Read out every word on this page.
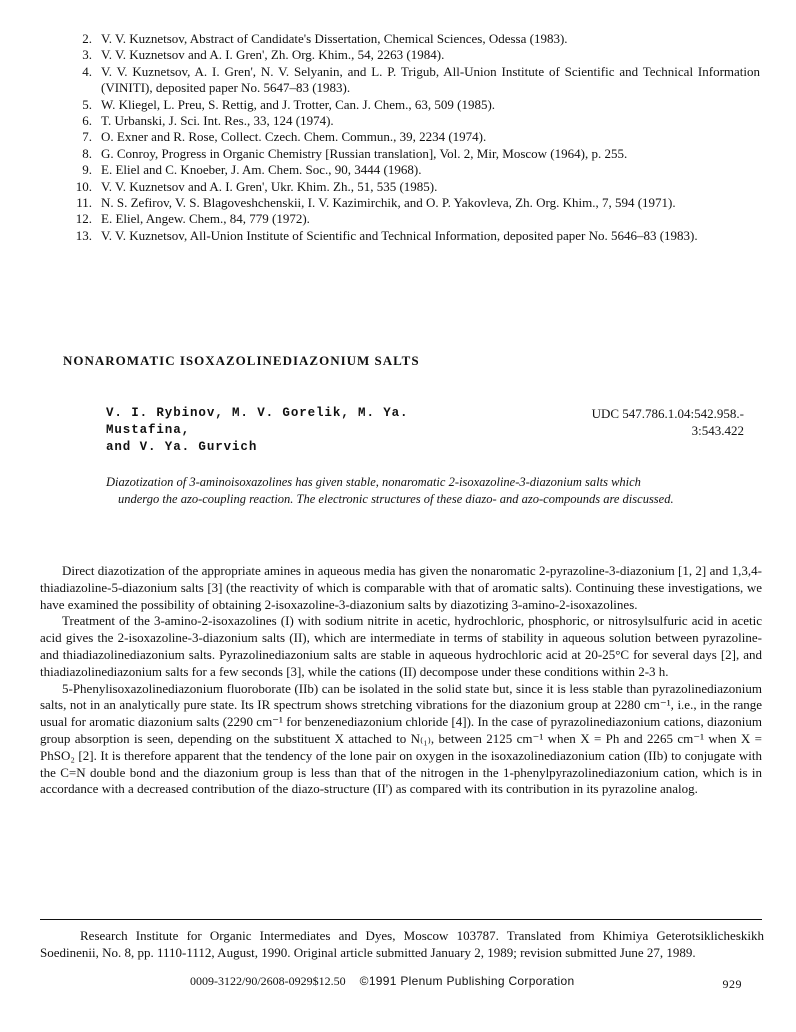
2. V. V. Kuznetsov, Abstract of Candidate's Dissertation, Chemical Sciences, Odessa (1983).
3. V. V. Kuznetsov and A. I. Gren', Zh. Org. Khim., 54, 2263 (1984).
4. V. V. Kuznetsov, A. I. Gren', N. V. Selyanin, and L. P. Trigub, All-Union Institute of Scientific and Technical Information (VINITI), deposited paper No. 5647–83 (1983).
5. W. Kliegel, L. Preu, S. Rettig, and J. Trotter, Can. J. Chem., 63, 509 (1985).
6. T. Urbanski, J. Sci. Int. Res., 33, 124 (1974).
7. O. Exner and R. Rose, Collect. Czech. Chem. Commun., 39, 2234 (1974).
8. G. Conroy, Progress in Organic Chemistry [Russian translation], Vol. 2, Mir, Moscow (1964), p. 255.
9. E. Eliel and C. Knoeber, J. Am. Chem. Soc., 90, 3444 (1968).
10. V. V. Kuznetsov and A. I. Gren', Ukr. Khim. Zh., 51, 535 (1985).
11. N. S. Zefirov, V. S. Blagoveshchenskii, I. V. Kazimirchik, and O. P. Yakovleva, Zh. Org. Khim., 7, 594 (1971).
12. E. Eliel, Angew. Chem., 84, 779 (1972).
13. V. V. Kuznetsov, All-Union Institute of Scientific and Technical Information, deposited paper No. 5646–83 (1983).
NONAROMATIC ISOXAZOLINEDIAZONIUM SALTS
V. I. Rybinov, M. V. Gorelik, M. Ya. Mustafina,
and V. Ya. Gurvich
UDC 547.786.1.04:542.958.-
3:543.422

Diazotization of 3-aminoisoxazolines has given stable, nonaromatic 2-isoxazoline-3-diazonium salts which

undergo the azo-coupling reaction. The electronic structures of these diazo- and azo-compounds are discussed.

Direct diazotization of the appropriate amines in aqueous media has given the nonaromatic 2-pyrazoline-3-diazonium [1, 2] and 1,3,4-thiadiazoline-5-diazonium salts [3] (the reactivity of which is comparable with that of aromatic salts). Continuing these investigations, we have examined the possibility of obtaining 2-isoxazoline-3-diazonium salts by diazotizing 3-amino-2-isoxazolines.

Treatment of the 3-amino-2-isoxazolines (I) with sodium nitrite in acetic, hydrochloric, phosphoric, or nitrosylsulfuric acid in acetic acid gives the 2-isoxazoline-3-diazonium salts (II), which are intermediate in terms of stability in aqueous solution between pyrazoline- and thiadiazolinediazonium salts. Pyrazolinediazonium salts are stable in aqueous hydrochloric acid at 20-25°C for several days [2], and thiadiazolinediazonium salts for a few seconds [3], while the cations (II) decompose under these conditions within 2-3 h.

5-Phenylisoxazolinediazonium fluoroborate (IIb) can be isolated in the solid state but, since it is less stable than pyrazolinediazonium salts, not in an analytically pure state. Its IR spectrum shows stretching vibrations for the diazonium group at 2280 cm⁻¹, i.e., in the range usual for aromatic diazonium salts (2290 cm⁻¹ for benzenediazonium chloride [4]). In the case of pyrazolinediazonium cations, diazonium group absorption is seen, depending on the substituent X attached to N₍₁₎, between 2125 cm⁻¹ when X = Ph and 2265 cm⁻¹ when X = PhSO₂ [2]. It is therefore apparent that the tendency of the lone pair on oxygen in the isoxazolinediazonium cation (IIb) to conjugate with the C=N double bond and the diazonium group is less than that of the nitrogen in the 1-phenylpyrazolinediazonium cation, which is in accordance with a decreased contribution of the diazo-structure (II') as compared with its contribution in its pyrazoline analog.

Research Institute for Organic Intermediates and Dyes, Moscow 103787. Translated from Khimiya Geterotsiklicheskikh Soedinenii, No. 8, pp. 1110-1112, August, 1990. Original article submitted January 2, 1989; revision submitted June 27, 1989.

0009-3122/90/2608-0929$12.50 ©1991 Plenum Publishing Corporation	929
